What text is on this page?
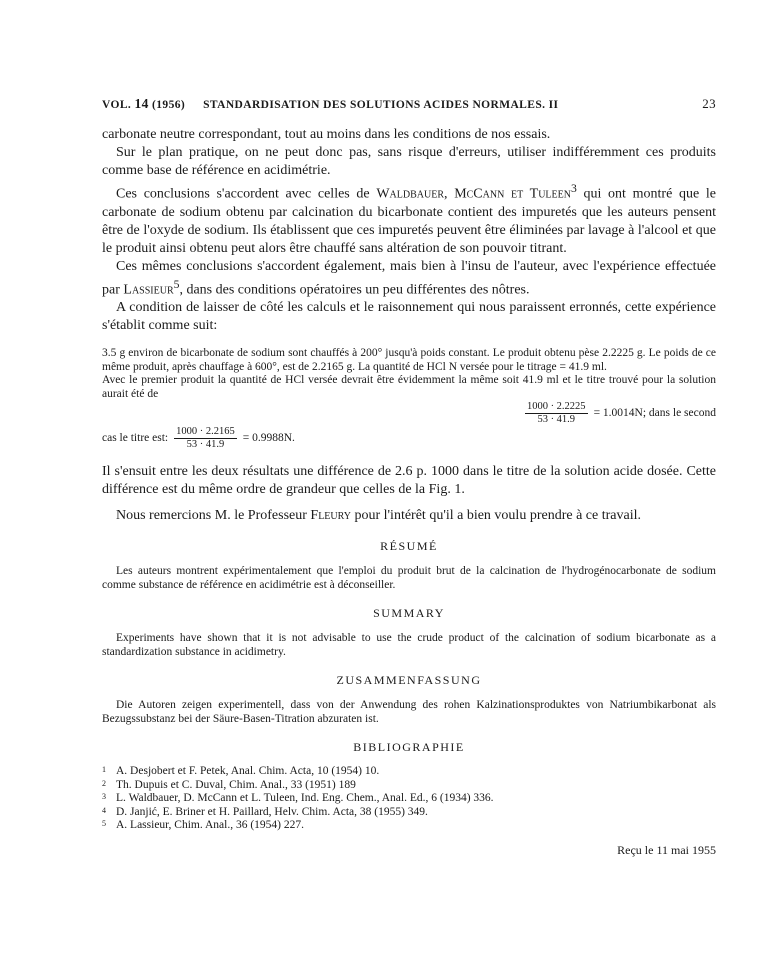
VOL. 14 (1956) STANDARDISATION DES SOLUTIONS ACIDES NORMALES. II	23

carbonate neutre correspondant, tout au moins dans les conditions de nos essais.

Sur le plan pratique, on ne peut donc pas, sans risque d'erreurs, utiliser indifféremment ces produits comme base de référence en acidimétrie.

Ces conclusions s'accordent avec celles de Waldbauer, McCann et Tuleen$^3$ qui ont montré que le carbonate de sodium obtenu par calcination du bicarbonate contient des impuretés que les auteurs pensent être de l'oxyde de sodium. Ils établissent que ces impuretés peuvent être éliminées par lavage à l'alcool et que le produit ainsi obtenu peut alors être chauffé sans altération de son pouvoir titrant.

Ces mêmes conclusions s'accordent également, mais bien à l'insu de l'auteur, avec l'expérience effectuée par Lassieur$^5$, dans des conditions opératoires un peu différentes des nôtres.

A condition de laisser de côté les calculs et le raisonnement qui nous paraissent erronnés, cette expérience s'établit comme suit:

3.5 g environ de bicarbonate de sodium sont chauffés à 200° jusqu'à poids constant. Le produit obtenu pèse 2.2225 g. Le poids de ce même produit, après chauffage à 600°, est de 2.2165 g. La quantité de HCl N versée pour le titrage = 41.9 ml.

Avec le premier produit la quantité de HCl versée devrait être évidemment la même soit 41.9 ml et le titre trouvé pour la solution aurait été de

$\frac{1000 \cdot 2.2225}{53 \cdot 41.9} = 1.0014N$; dans le second
cas le titre est: $\frac{1000 \cdot 2.2165}{53 \cdot 41.9} = 0.9988N$.

Il s'ensuit entre les deux résultats une différence de 2.6 p. 1000 dans le titre de la solution acide dosée. Cette différence est du même ordre de grandeur que celles de la Fig. 1.

Nous remercions M. le Professeur Fleury pour l'intérêt qu'il a bien voulu prendre à ce travail.

RÉSUMÉ

Les auteurs montrent expérimentalement que l'emploi du produit brut de la calcination de l'hydrogénocarbonate de sodium comme substance de référence en acidimétrie est à déconseiller.

SUMMARY

Experiments have shown that it is not advisable to use the crude product of the calcination of sodium bicarbonate as a standardization substance in acidimetry.

ZUSAMMENFASSUNG

Die Autoren zeigen experimentell, dass von der Anwendung des rohen Kalzinationsproduktes von Natriumbikarbonat als Bezugssubstanz bei der Säure-Basen-Titration abzuraten ist.

BIBLIOGRAPHIE
1 A. Desjobert et F. Petek, Anal. Chim. Acta, 10 (1954) 10.
2 Th. Dupuis et C. Duval, Chim. Anal., 33 (1951) 189
3 L. Waldbauer, D. McCann et L. Tuleen, Ind. Eng. Chem., Anal. Ed., 6 (1934) 336.
4 D. Janjić, E. Briner et H. Paillard, Helv. Chim. Acta, 38 (1955) 349.
5 A. Lassieur, Chim. Anal., 36 (1954) 227.
Reçu le 11 mai 1955
